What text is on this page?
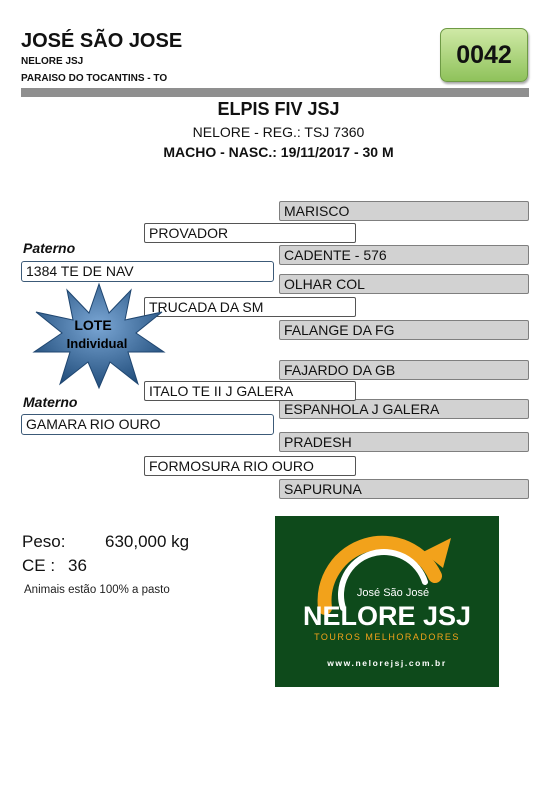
JOSÉ SÃO JOSE
NELORE JSJ
PARAISO DO TOCANTINS - TO
0042
ELPIS FIV JSJ
NELORE - REG.: TSJ 7360
MACHO - NASC.: 19/11/2017 - 30 M
MARISCO
CADENTE - 576
OLHAR COL
FALANGE DA FG
FAJARDO DA GB
ESPANHOLA J GALERA
PRADESH
SAPURUNA
PROVADOR
TRUCADA DA SM
ITALO TE II J GALERA
FORMOSURA RIO OURO
Paterno
1384 TE DE NAV
Materno
GAMARA RIO OURO
LOTE
Individual
Peso: 630,000 kg
CE : 36
Animais estão 100% a pasto	José São José
NELORE JSJ
TOUROS MELHORADORES
www.nelorejsj.com.br
